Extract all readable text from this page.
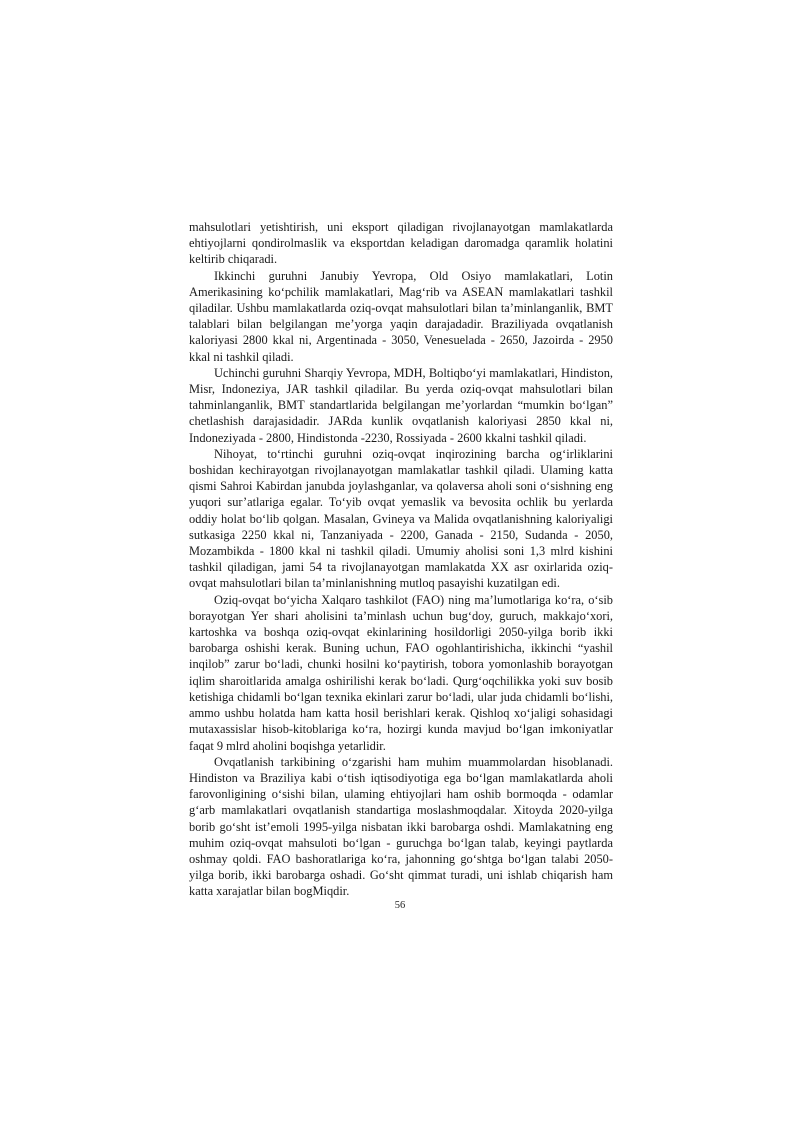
mahsulotlari yetishtirish, uni eksport qiladigan rivojlanayotgan mamlakatlarda ehtiyojlarni qondirolmaslik va eksportdan keladigan daromadga qaramlik holatini keltirib chiqaradi.

Ikkinchi guruhni Janubiy Yevropa, Old Osiyo mamlakatlari, Lotin Amerikasining ko‘pchilik mamlakatlari, Mag‘rib va ASEAN mamlakatlari tashkil qiladilar. Ushbu mamlakatlarda oziq-ovqat mahsulotlari bilan ta’minlanganlik, BMT talablari bilan belgilangan me’yorga yaqin darajadadir. Braziliyada ovqatlanish kaloriyasi 2800 kkal ni, Argentinada - 3050, Venesuelada - 2650, Jazoirda - 2950 kkal ni tashkil qiladi.

Uchinchi guruhni Sharqiy Yevropa, MDH, Boltiqbo‘yi mamlakatlari, Hindiston, Misr, Indoneziya, JAR tashkil qiladilar. Bu yerda oziq-ovqat mahsulotlari bilan tahminlanganlik, BMT standartlarida belgilangan me’yorlardan “mumkin bo‘lgan” chetlashish darajasidadir. JARda kunlik ovqatlanish kaloriyasi 2850 kkal ni, Indoneziyada - 2800, Hindistonda -2230, Rossiyada - 2600 kkalni tashkil qiladi.

Nihoyat, to‘rtinchi guruhni oziq-ovqat inqirozining barcha og‘irliklarini boshidan kechirayotgan rivojlanayotgan mamlakatlar tashkil qiladi. Ulaming katta qismi Sahroi Kabirdan janubda joylashganlar, va qolaversa aholi soni o‘sishning eng yuqori sur’atlariga egalar. To‘yib ovqat yemaslik va bevosita ochlik bu yerlarda oddiy holat bo‘lib qolgan. Masalan, Gvineya va Malida ovqatlanishning kaloriyaligi sutkasiga 2250 kkal ni, Tanzaniyada - 2200, Ganada - 2150, Sudanda - 2050, Mozambikda - 1800 kkal ni tashkil qiladi. Umumiy aholisi soni 1,3 mlrd kishini tashkil qiladigan, jami 54 ta rivojlanayotgan mamlakatda XX asr oxirlarida oziq-ovqat mahsulotlari bilan ta’minlanishning mutloq pasayishi kuzatilgan edi.

Oziq-ovqat bo‘yicha Xalqaro tashkilot (FAO) ning ma’lumotlariga ko‘ra, o‘sib borayotgan Yer shari aholisini ta’minlash uchun bug‘doy, guruch, makkajo‘xori, kartoshka va boshqa oziq-ovqat ekinlarining hosildorligi 2050-yilga borib ikki barobarga oshishi kerak. Buning uchun, FAO ogohlantirishicha, ikkinchi “yashil inqilob” zarur bo‘ladi, chunki hosilni ko‘paytirish, tobora yomonlashib borayotgan iqlim sharoitlarida amalga oshirilishi kerak bo‘ladi. Qurg‘oqchilikka yoki suv bosib ketishiga chidamli bo‘lgan texnika ekinlari zarur bo‘ladi, ular juda chidamli bo‘lishi, ammo ushbu holatda ham katta hosil berishlari kerak. Qishloq xo‘jaligi sohasidagi mutaxassislar hisob-kitoblariga ko‘ra, hozirgi kunda mavjud bo‘lgan imkoniyatlar faqat 9 mlrd aholini boqishga yetarlidir.

Ovqatlanish tarkibining o‘zgarishi ham muhim muammolardan hisoblanadi. Hindiston va Braziliya kabi o‘tish iqtisodiyotiga ega bo‘lgan mamlakatlarda aholi farovonligining o‘sishi bilan, ulaming ehtiyojlari ham oshib bormoqda - odamlar g‘arb mamlakatlari ovqatlanish standartiga moslashmoqdalar. Xitoyda 2020-yilga borib go‘sht ist’emoli 1995-yilga nisbatan ikki barobarga oshdi. Mamlakatning eng muhim oziq-ovqat mahsuloti bo‘lgan - guruchga bo‘lgan talab, keyingi paytlarda oshmay qoldi. FAO bashoratlariga ko‘ra, jahonning go‘shtga bo‘lgan talabi 2050-yilga borib, ikki barobarga oshadi. Go‘sht qimmat turadi, uni ishlab chiqarish ham katta xarajatlar bilan bogMiqdir.

56
